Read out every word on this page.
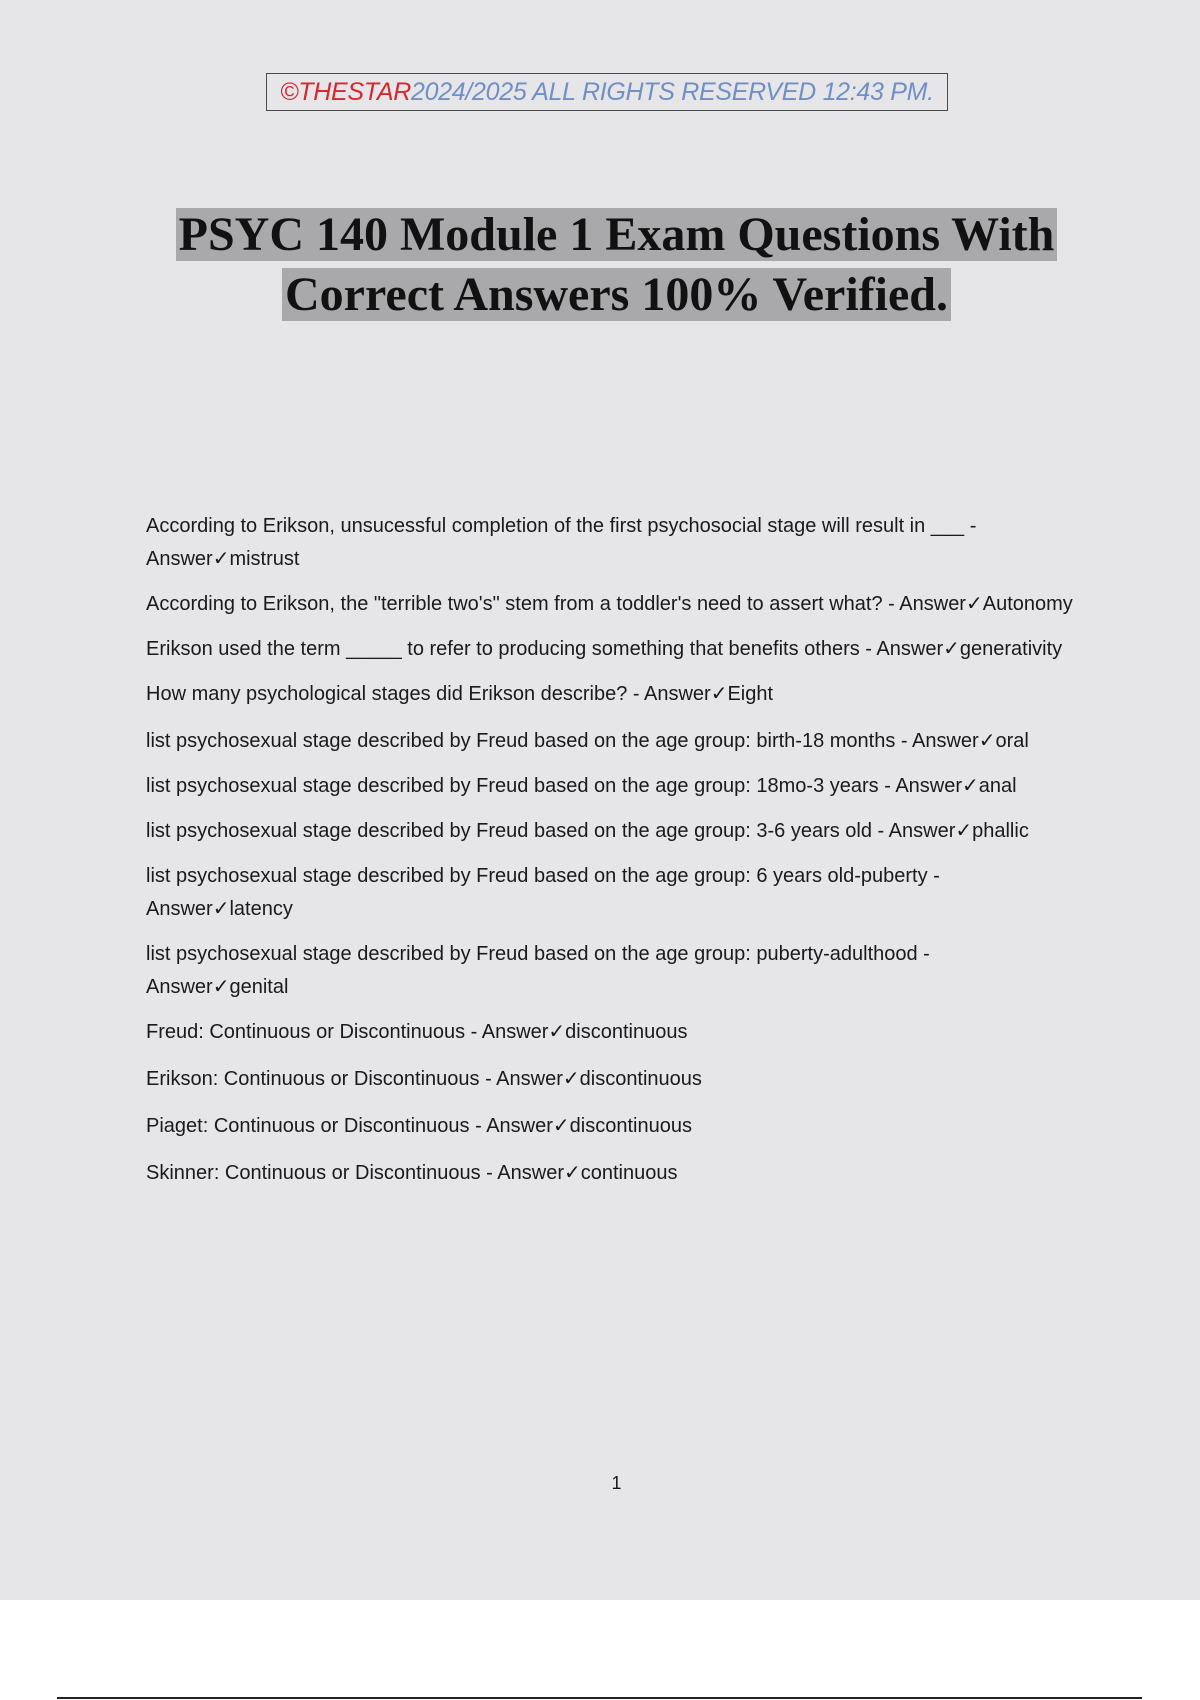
©THESTAR 2024/2025 ALL RIGHTS RESERVED 12:43 PM.
PSYC 140 Module 1 Exam Questions With
Correct Answers 100% Verified.

According to Erikson, unsucessful completion of the first psychosocial stage will result in ___ - Answer✓mistrust

According to Erikson, the "terrible two's" stem from a toddler's need to assert what? - Answer✓Autonomy

Erikson used the term _____ to refer to producing something that benefits others - Answer✓generativity

How many psychological stages did Erikson describe? - Answer✓Eight

list psychosexual stage described by Freud based on the age group: birth-18 months - Answer✓oral

list psychosexual stage described by Freud based on the age group: 18mo-3 years - Answer✓anal

list psychosexual stage described by Freud based on the age group: 3-6 years old - Answer✓phallic

list psychosexual stage described by Freud based on the age group: 6 years old-puberty - Answer✓latency

list psychosexual stage described by Freud based on the age group: puberty-adulthood - Answer✓genital

Freud: Continuous or Discontinuous - Answer✓discontinuous

Erikson: Continuous or Discontinuous - Answer✓discontinuous

Piaget: Continuous or Discontinuous - Answer✓discontinuous

Skinner: Continuous or Discontinuous - Answer✓continuous

1
